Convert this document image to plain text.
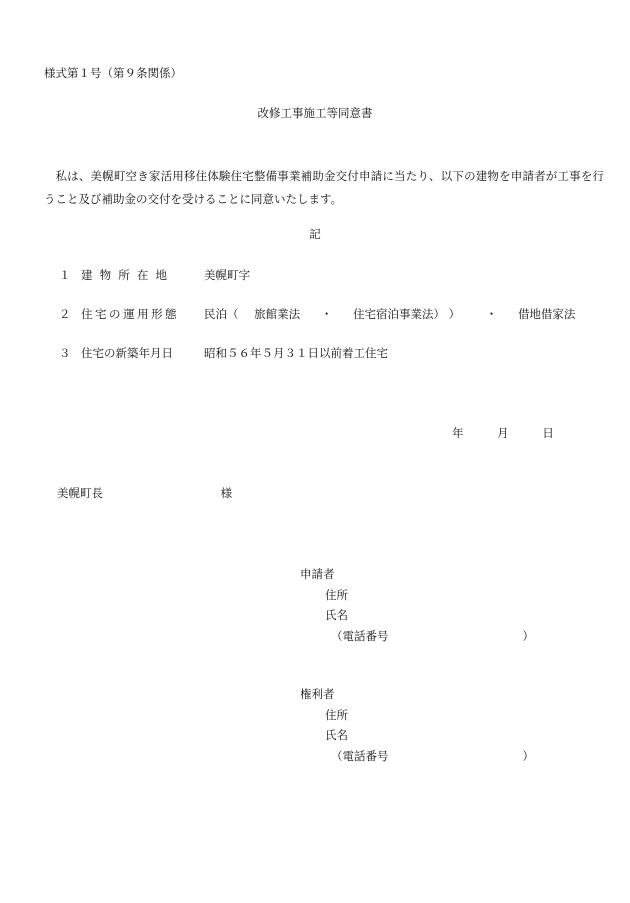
様式第１号（第９条関係）
改修工事施工等同意書
私は、美幌町空き家活用移住体験住宅整備事業補助金交付申請に当たり、以下の建物を申請者が工事を行うこと及び補助金の交付を受けることに同意いたします。
記
１ 建物所在地	美幌町字
２ 住宅の運用形態 民泊（ 旅館業法 ・ 住宅宿泊事業法） ） ・ 借地借家法
３ 住宅の新築年月日	昭和５６年５月３１日以前着工住宅
年	月	日
美幌町長	様
申請者
住所
氏名
（電話番号	）
権利者
住所
氏名
（電話番号	）
